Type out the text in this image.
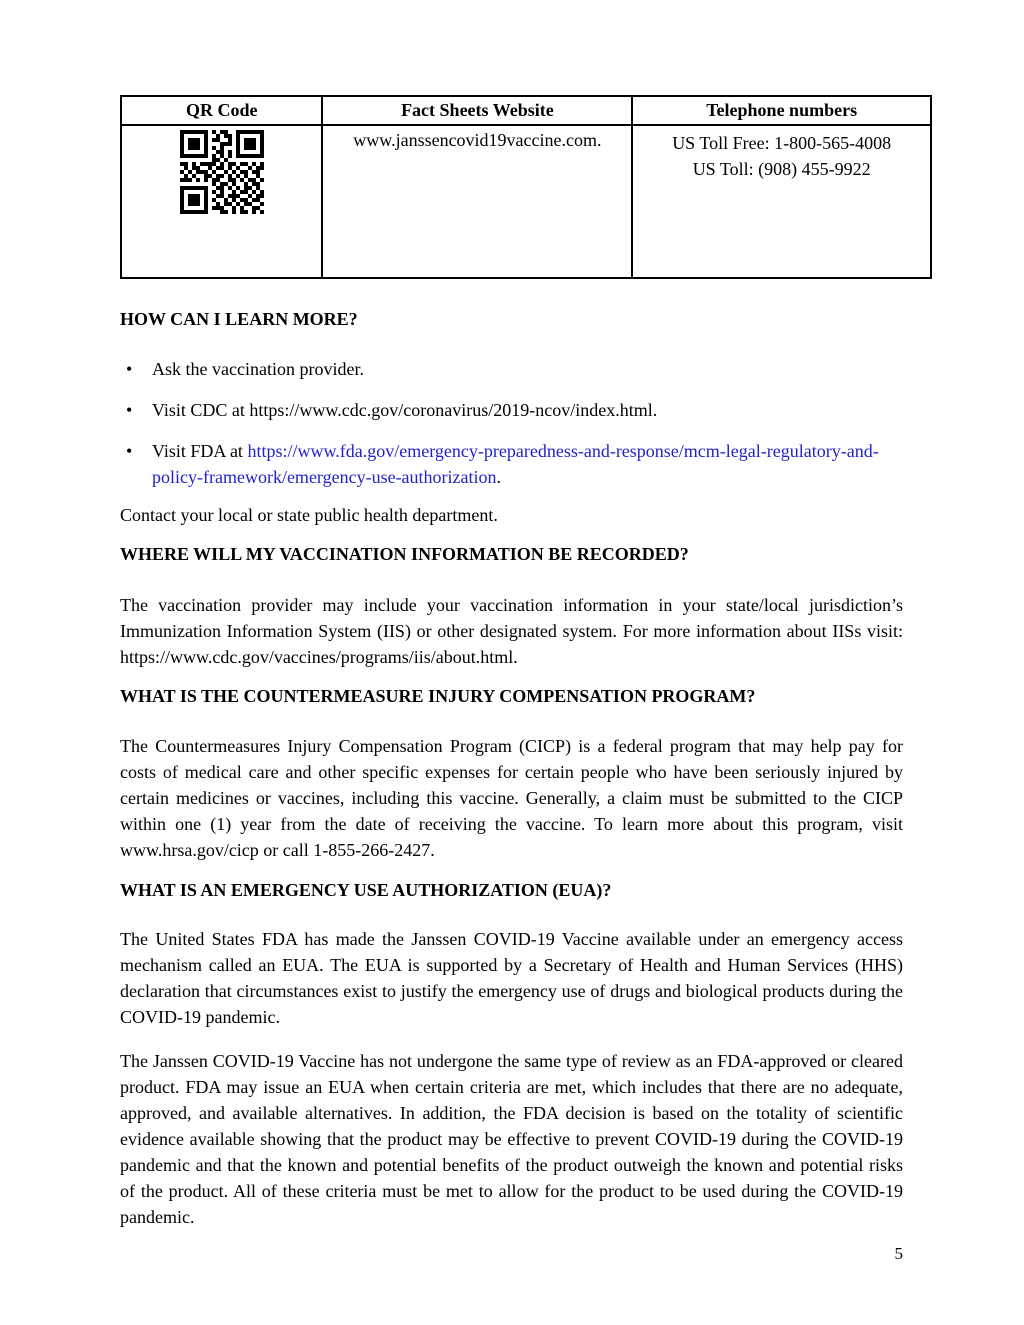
QR Code	Fact Sheets Website	Telephone numbers

	www.janssencovid19vaccine.com.	US Toll Free: 1-800-565-4008
US Toll: (908) 455-9922
HOW CAN I LEARN MORE?
•	Ask the vaccination provider.
•	Visit CDC at https://www.cdc.gov/coronavirus/2019-ncov/index.html.
•	Visit FDA at https://www.fda.gov/emergency-preparedness-and-response/mcm-legal-regulatory-and-policy-framework/emergency-use-authorization.

Contact your local or state public health department.

WHERE WILL MY VACCINATION INFORMATION BE RECORDED?

The vaccination provider may include your vaccination information in your state/local jurisdiction’s Immunization Information System (IIS) or other designated system. For more information about IISs visit: https://www.cdc.gov/vaccines/programs/iis/about.html.

WHAT IS THE COUNTERMEASURE INJURY COMPENSATION PROGRAM?

The Countermeasures Injury Compensation Program (CICP) is a federal program that may help pay for costs of medical care and other specific expenses for certain people who have been seriously injured by certain medicines or vaccines, including this vaccine. Generally, a claim must be submitted to the CICP within one (1) year from the date of receiving the vaccine. To learn more about this program, visit www.hrsa.gov/cicp or call 1-855-266-2427.

WHAT IS AN EMERGENCY USE AUTHORIZATION (EUA)?

The United States FDA has made the Janssen COVID-19 Vaccine available under an emergency access mechanism called an EUA. The EUA is supported by a Secretary of Health and Human Services (HHS) declaration that circumstances exist to justify the emergency use of drugs and biological products during the COVID-19 pandemic.

The Janssen COVID-19 Vaccine has not undergone the same type of review as an FDA-approved or cleared product. FDA may issue an EUA when certain criteria are met, which includes that there are no adequate, approved, and available alternatives. In addition, the FDA decision is based on the totality of scientific evidence available showing that the product may be effective to prevent COVID-19 during the COVID-19 pandemic and that the known and potential benefits of the product outweigh the known and potential risks of the product. All of these criteria must be met to allow for the product to be used during the COVID-19 pandemic.

5
